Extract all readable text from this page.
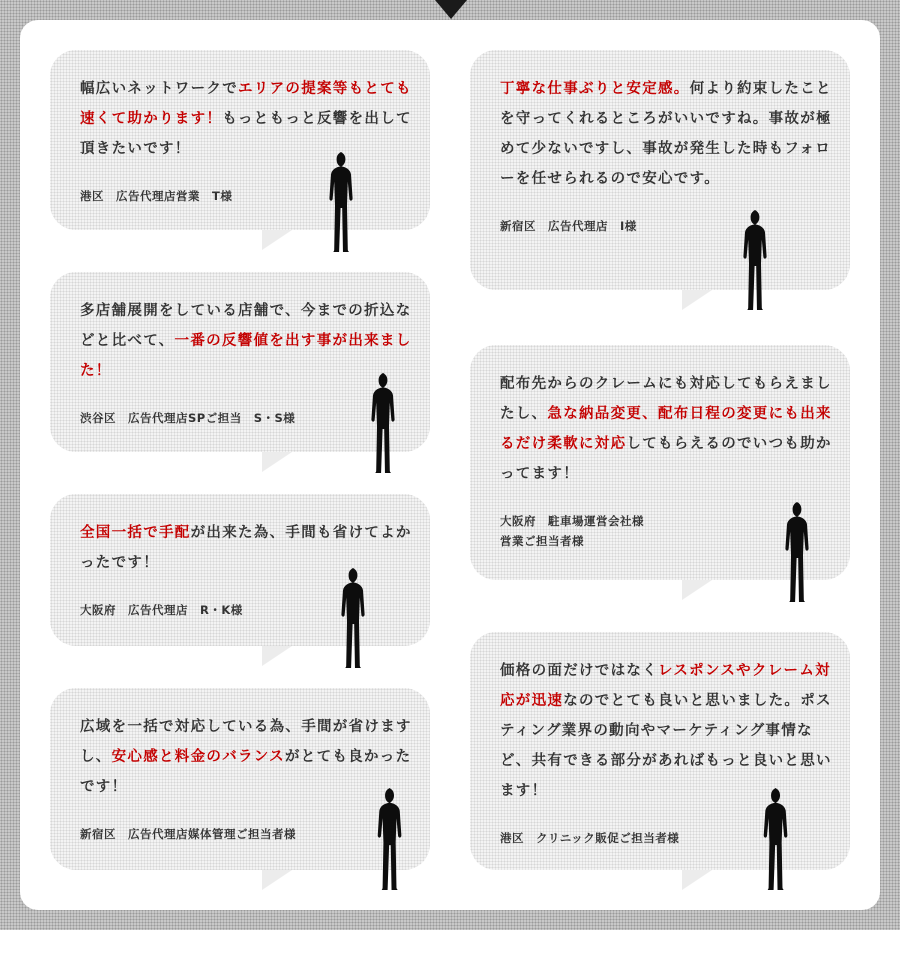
幅広いネットワークでエリアの提案等もとても速くて助かります！もっともっと反響を出して頂きたいです！

港区　広告代理店営業　T様

多店舗展開をしている店舗で、今までの折込などと比べて、一番の反響値を出す事が出来ました！

渋谷区　広告代理店SPご担当　S・S様

全国一括で手配が出来た為、手間も省けてよかったです！

大阪府　広告代理店　R・K様

広域を一括で対応している為、手間が省けますし、安心感と料金のバランスがとても良かったです！

新宿区　広告代理店媒体管理ご担当者様

丁寧な仕事ぶりと安定感。何より約束したことを守ってくれるところがいいですね。事故が極めて少ないですし、事故が発生した時もフォローを任せられるので安心です。

新宿区　広告代理店　I様

配布先からのクレームにも対応してもらえましたし、急な納品変更、配布日程の変更にも出来るだけ柔軟に対応してもらえるのでいつも助かってます！

大阪府　駐車場運営会社様
営業ご担当者様

価格の面だけではなくレスポンスやクレーム対応が迅速なのでとても良いと思いました。ポスティング業界の動向やマーケティング事情など、共有できる部分があればもっと良いと思います！

港区　クリニック販促ご担当者様
